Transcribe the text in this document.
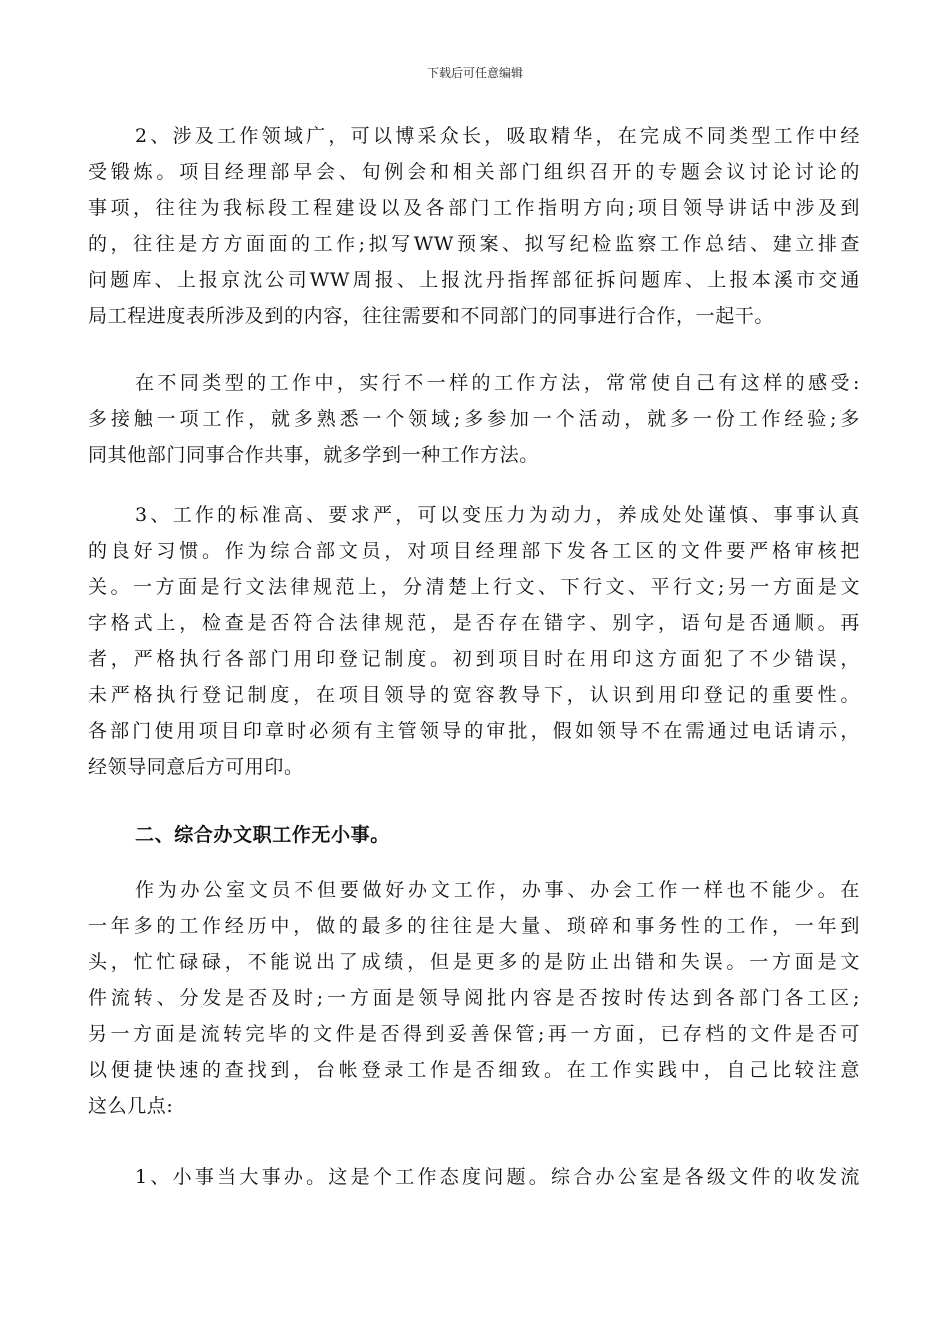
下载后可任意编辑
2、涉及工作领域广，可以博采众长，吸取精华，在完成不同类型工作中经
受锻炼。项目经理部早会、旬例会和相关部门组织召开的专题会议讨论讨论的
事项，往往为我标段工程建设以及各部门工作指明方向;项目领导讲话中涉及到
的，往往是方方面面的工作;拟写WW预案、拟写纪检监察工作总结、建立排查
问题库、上报京沈公司WW周报、上报沈丹指挥部征拆问题库、上报本溪市交通
局工程进度表所涉及到的内容，往往需要和不同部门的同事进行合作，一起干。
在不同类型的工作中，实行不一样的工作方法，常常使自己有这样的感受:
多接触一项工作，就多熟悉一个领域;多参加一个活动，就多一份工作经验;多
同其他部门同事合作共事，就多学到一种工作方法。
3、工作的标准高、要求严，可以变压力为动力，养成处处谨慎、事事认真
的良好习惯。作为综合部文员，对项目经理部下发各工区的文件要严格审核把
关。一方面是行文法律规范上，分清楚上行文、下行文、平行文;另一方面是文
字格式上，检查是否符合法律规范，是否存在错字、别字，语句是否通顺。再
者，严格执行各部门用印登记制度。初到项目时在用印这方面犯了不少错误，
未严格执行登记制度，在项目领导的宽容教导下，认识到用印登记的重要性。
各部门使用项目印章时必须有主管领导的审批，假如领导不在需通过电话请示，
经领导同意后方可用印。
二、综合办文职工作无小事。
作为办公室文员不但要做好办文工作，办事、办会工作一样也不能少。在
一年多的工作经历中，做的最多的往往是大量、琐碎和事务性的工作，一年到
头，忙忙碌碌，不能说出了成绩，但是更多的是防止出错和失误。一方面是文
件流转、分发是否及时;一方面是领导阅批内容是否按时传达到各部门各工区;
另一方面是流转完毕的文件是否得到妥善保管;再一方面，已存档的文件是否可
以便捷快速的查找到，台帐登录工作是否细致。在工作实践中，自己比较注意
这么几点:
1、小事当大事办。这是个工作态度问题。综合办公室是各级文件的收发流
